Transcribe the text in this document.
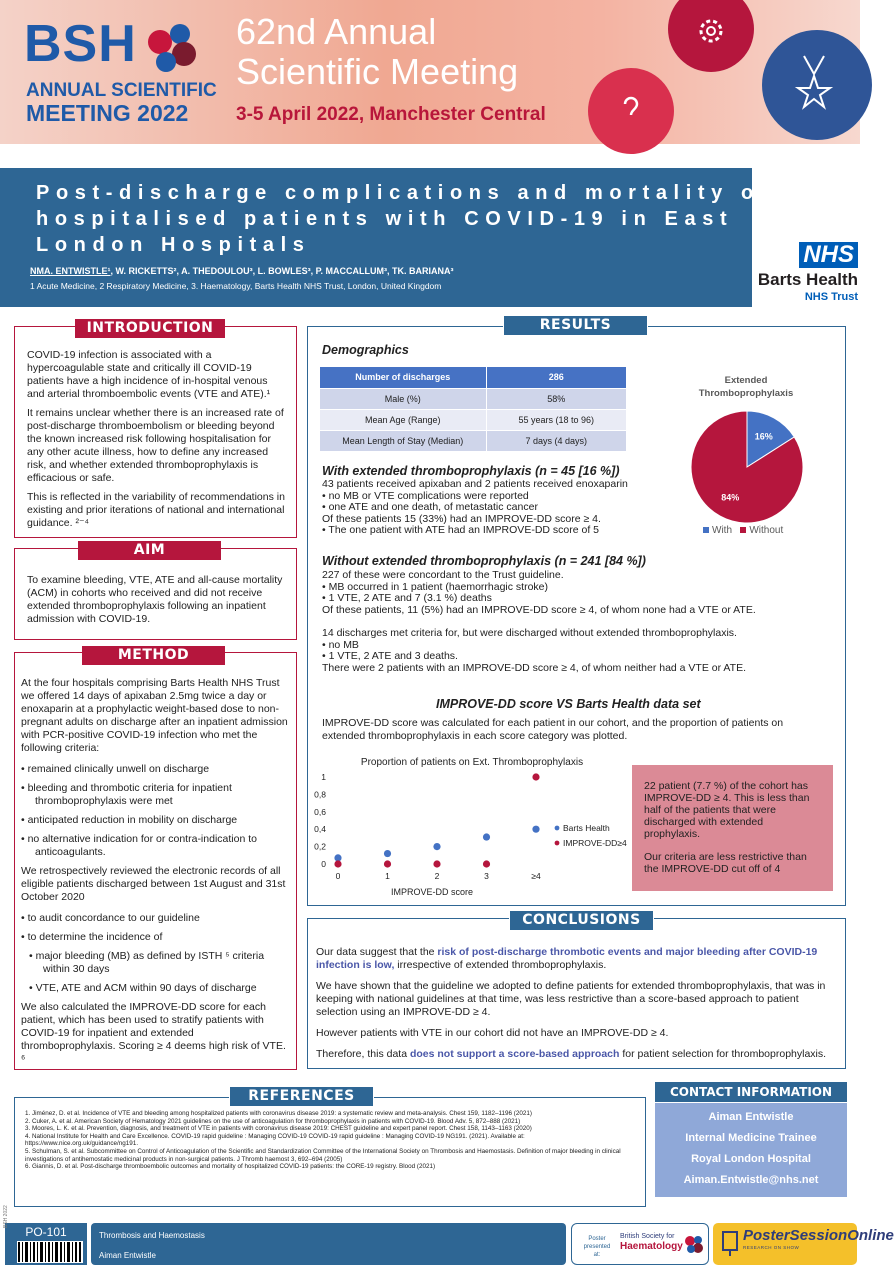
BSH
ANNUAL SCIENTIFIC
MEETING 2022
62nd Annual
Scientific Meeting
3-5 April 2022, Manchester Central
Post-discharge complications and mortality of hospitalised patients with COVID-19 in East London Hospitals
NMA. ENTWISTLE¹, W. RICKETTS², A. THEDOULOU³, L. BOWLES³, P. MACCALLUM³, TK. BARIANA³
1 Acute Medicine, 2 Respiratory Medicine, 3. Haematology, Barts Health NHS Trust, London, United Kingdom
NHS
Barts Health
NHS Trust
INTRODUCTION

COVID-19 infection is associated with a hypercoagulable state and critically ill COVID-19 patients have a high incidence of in-hospital venous and arterial thromboembolic events (VTE and ATE).¹

It remains unclear whether there is an increased rate of post-discharge thromboembolism or bleeding beyond the known increased risk following hospitalisation for any other acute illness, how to define any increased risk, and whether extended thromboprophylaxis is efficacious or safe.

This is reflected in the variability of recommendations in existing and prior iterations of national and international guidance. ²⁻⁴

AIM

To examine bleeding, VTE, ATE and all-cause mortality (ACM) in cohorts who received and did not receive extended thromboprophylaxis following an inpatient admission with COVID-19.

METHOD

At the four hospitals comprising Barts Health NHS Trust we offered 14 days of apixaban 2.5mg twice a day or enoxaparin at a prophylactic weight-based dose to non-pregnant adults on discharge after an inpatient admission with PCR-positive COVID-19 infection who met the following criteria:

• remained clinically unwell on discharge
• bleeding and thrombotic criteria for inpatient thromboprophylaxis were met
• anticipated reduction in mobility on discharge
• no alternative indication for or contra-indication to anticoagulants.

We retrospectively reviewed the electronic records of all eligible patients discharged between 1st August and 31st October 2020

• to audit concordance to our guideline
• to determine the incidence of
• major bleeding (MB) as defined by ISTH ⁵ criteria within 30 days
• VTE, ATE and ACM within 90 days of discharge

We also calculated the IMPROVE-DD score for each patient, which has been used to stratify patients with COVID-19 for inpatient and extended thromboprophylaxis. Scoring ≥ 4 deems high risk of VTE. ⁶

RESULTS
Demographics
Number of discharges	286
Male (%)	58%
Mean Age (Range)	55 years (18 to 96)
Mean Length of Stay (Median)	7 days (4 days)
Extended Thromboprophylaxis
16%
84%
With Without
With extended thromboprophylaxis (n = 45 [16 %])
43 patients received apixaban and 2 patients received enoxaparin
• no MB or VTE complications were reported
• one ATE and one death, of metastatic cancer
Of these patients 15 (33%) had an IMPROVE-DD score ≥ 4.
• The one patient with ATE had an IMPROVE-DD score of 5
Without extended thromboprophylaxis (n = 241 [84 %])
227 of these were concordant to the Trust guideline.
• MB occurred in 1 patient (haemorrhagic stroke)
• 1 VTE, 2 ATE and 7 (3.1 %) deaths
Of these patients, 11 (5%) had an IMPROVE-DD score ≥ 4, of whom none had a VTE or ATE.
14 discharges met criteria for, but were discharged without extended thromboprophylaxis.
• no MB
• 1 VTE, 2 ATE and 3 deaths.
There were 2 patients with an IMPROVE-DD score ≥ 4, of whom neither had a VTE or ATE.
IMPROVE-DD score VS Barts Health data set
IMPROVE-DD score was calculated for each patient in our cohort, and the proportion of patients on extended thromboprophylaxis in each score category was plotted.
Proportion of patients on Ext. Thromboprophylaxis
IMPROVE-DD score
0
0,2
0,4
0,6
0,8
1
0	1	2	3	≥4
Barts Health
IMPROVE-DD≥4

22 patient (7.7 %) of the cohort has IMPROVE-DD ≥ 4. This is less than half of the patients that were discharged with extended prophylaxis.

Our criteria are less restrictive than the IMPROVE-DD cut off of 4

CONCLUSIONS

Our data suggest that the risk of post-discharge thrombotic events and major bleeding after COVID-19 infection is low, irrespective of extended thromboprophylaxis.

We have shown that the guideline we adopted to define patients for extended thromboprophylaxis, that was in keeping with national guidelines at that time, was less restrictive than a score-based approach to patient selection using an IMPROVE-DD ≥ 4.

However patients with VTE in our cohort did not have an IMPROVE-DD ≥ 4.

Therefore, this data does not support a score-based approach for patient selection for thromboprophylaxis.

REFERENCES
1. Jiménez, D. et al. Incidence of VTE and bleeding among hospitalized patients with coronavirus disease 2019: a systematic review and meta-analysis. Chest 159, 1182–1196 (2021)
2. Cuker, A. et al. American Society of Hematology 2021 guidelines on the use of anticoagulation for thromboprophylaxis in patients with COVID-19. Blood Adv. 5, 872–888 (2021)
3. Moores, L. K. et al. Prevention, diagnosis, and treatment of VTE in patients with coronavirus disease 2019: CHEST guideline and expert panel report. Chest 158, 1143–1163 (2020)
4. National Institute for Health and Care Excellence. COVID-19 rapid guideline : Managing COVID-19 COVID-19 rapid guideline : Managing COVID-19 NG191. (2021). Available at: https://www.nice.org.uk/guidance/ng191.
5. Schulman, S. et al. Subcommittee on Control of Anticoagulation of the Scientific and Standardization Committee of the International Society on Thrombosis and Haemostasis. Definition of major bleeding in clinical investigations of antihemostatic medicinal products in non-surgical patients. J Thromb haemost 3, 692–694 (2005)
6. Giannis, D. et al. Post-discharge thromboembolic outcomes and mortality of hospitalized COVID-19 patients: the CORE-19 registry. Blood (2021)
CONTACT INFORMATION
Aiman Entwistle
Internal Medicine Trainee
Royal London Hospital
Aiman.Entwistle@nhs.net
PO-101
BSH 2022
Thrombosis and Haemostasis
Aiman Entwistle
Poster presented at:
British Society for
Haematology
PosterSessionOnline
RESEARCH ON SHOW
